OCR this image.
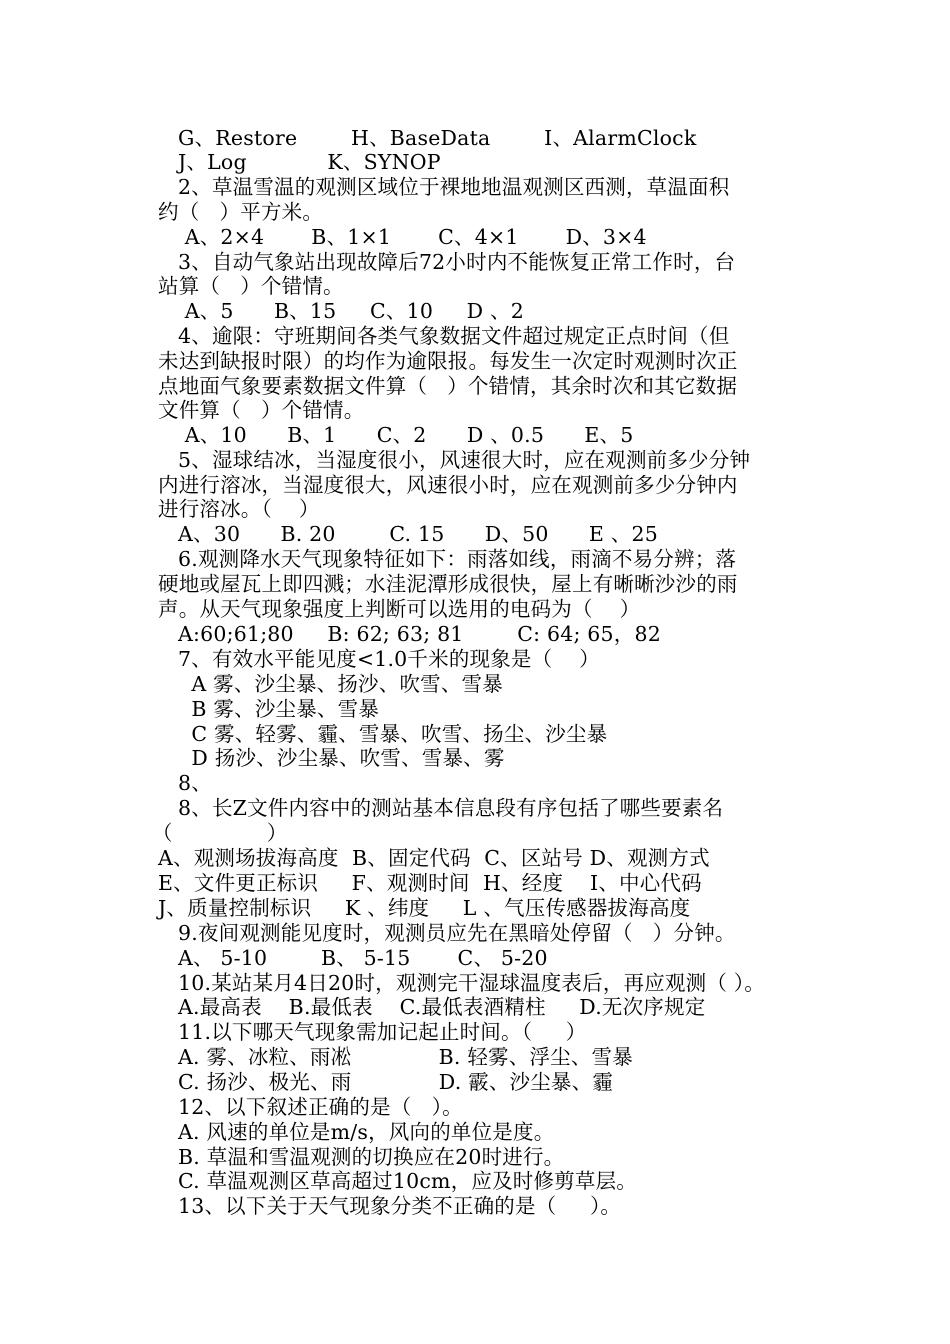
G、Restore        H、BaseData        I、AlarmClock
J、Log            K、SYNOP
2、草温雪温的观测区域位于裸地地温观测区西测，草温面积
约（   ）平方米。
A、2×4       B、1×1       C、4×1       D、3×4
3、自动气象站出现故障后72小时内不能恢复正常工作时，台
站算（   ）个错情。
A、5      B、15     C、10     D 、2
4、逾限：守班期间各类气象数据文件超过规定正点时间（但
未达到缺报时限）的均作为逾限报。每发生一次定时观测时次正
点地面气象要素数据文件算（   ）个错情，其余时次和其它数据
文件算（   ）个错情。
A、10      B、1      C、2      D 、0.5      E、5
5、湿球结冰，当湿度很小，风速很大时，应在观测前多少分钟
内进行溶冰，当湿度很大，风速很小时，应在观测前多少分钟内
进行溶冰。（    ）
A、30      B. 20        C. 15      D、50      E 、25
6.观测降水天气现象特征如下：雨落如线，雨滴不易分辨；落
硬地或屋瓦上即四溅；水洼泥潭形成很快，屋上有晰晰沙沙的雨
声。从天气现象强度上判断可以选用的电码为（    ）
A:60;61;80     B: 62; 63; 81        C: 64; 65，82
7、有效水平能见度<1.0千米的现象是（    ）
A 雾、沙尘暴、扬沙、吹雪、雪暴
B 雾、沙尘暴、雪暴
C 雾、轻雾、霾、雪暴、吹雪、扬尘、沙尘暴
D 扬沙、沙尘暴、吹雪、雪暴、雾
8、
8、长Z文件内容中的测站基本信息段有序包括了哪些要素名
（              ）
A、观测场拔海高度  B、固定代码  C、区站号 D、观测方式
E、文件更正标识     F、观测时间  H、经度    I、中心代码
J、质量控制标识     K 、纬度     L 、气压传感器拔海高度
9.夜间观测能见度时，观测员应先在黑暗处停留（   ）分钟。
A、 5-10        B、 5-15       C、 5-20
10.某站某月4日20时，观测完干湿球温度表后，再应观测（ ）。
A.最高表    B.最低表    C.最低表酒精柱     D.无次序规定
11.以下哪天气现象需加记起止时间。（     ）
A. 雾、冰粒、雨凇             B. 轻雾、浮尘、雪暴
C. 扬沙、极光、雨             D. 霰、沙尘暴、霾
12、以下叙述正确的是（   ）。
A. 风速的单位是m/s，风向的单位是度。
B. 草温和雪温观测的切换应在20时进行。
C. 草温观测区草高超过10cm，应及时修剪草层。
13、以下关于天气现象分类不正确的是（     ）。
